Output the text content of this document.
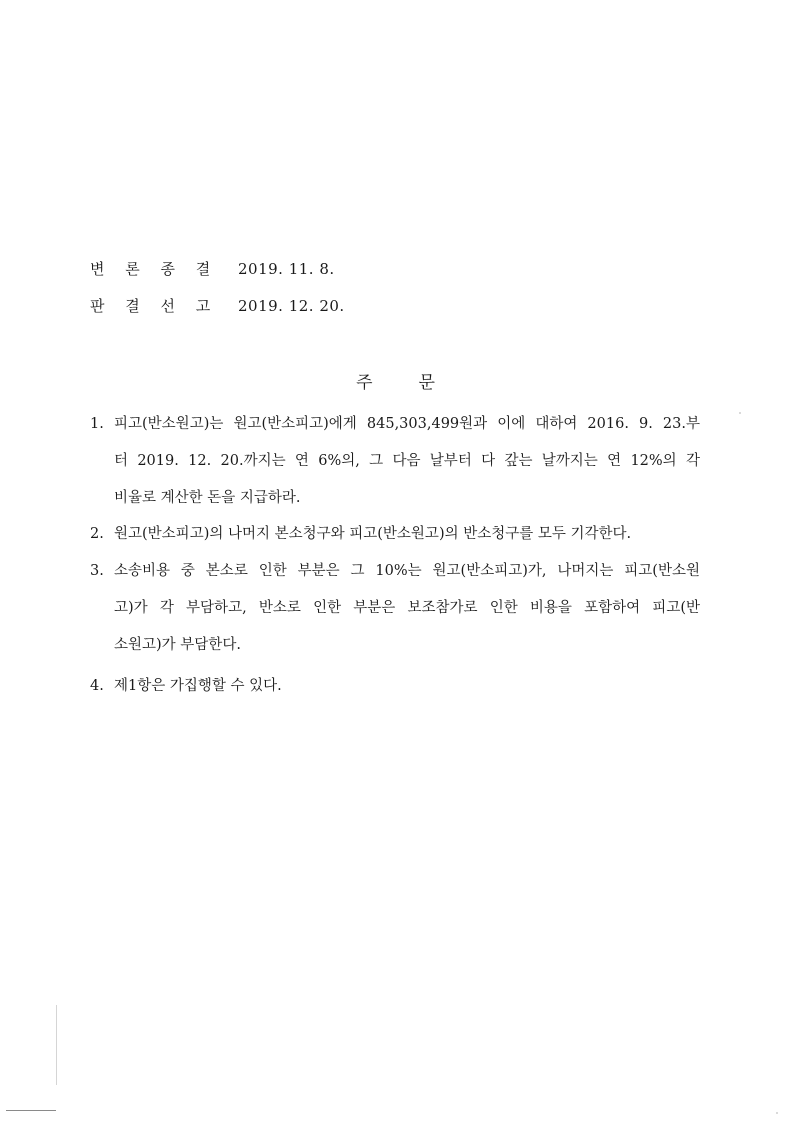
변 론 종 결 2019. 11. 8.
판 결 선 고 2019. 12. 20.
주	문
1. 피고(반소원고)는 원고(반소피고)에게 845,303,499원과 이에 대하여 2016. 9. 23.부
터 2019. 12. 20.까지는 연 6%의, 그 다음 날부터 다 갚는 날까지는 연 12%의 각
비율로 계산한 돈을 지급하라.
2. 원고(반소피고)의 나머지 본소청구와 피고(반소원고)의 반소청구를 모두 기각한다.
3. 소송비용 중 본소로 인한 부분은 그 10%는 원고(반소피고)가, 나머지는 피고(반소원
고)가 각 부담하고, 반소로 인한 부분은 보조참가로 인한 비용을 포함하여 피고(반
소원고)가 부담한다.
4. 제1항은 가집행할 수 있다.
